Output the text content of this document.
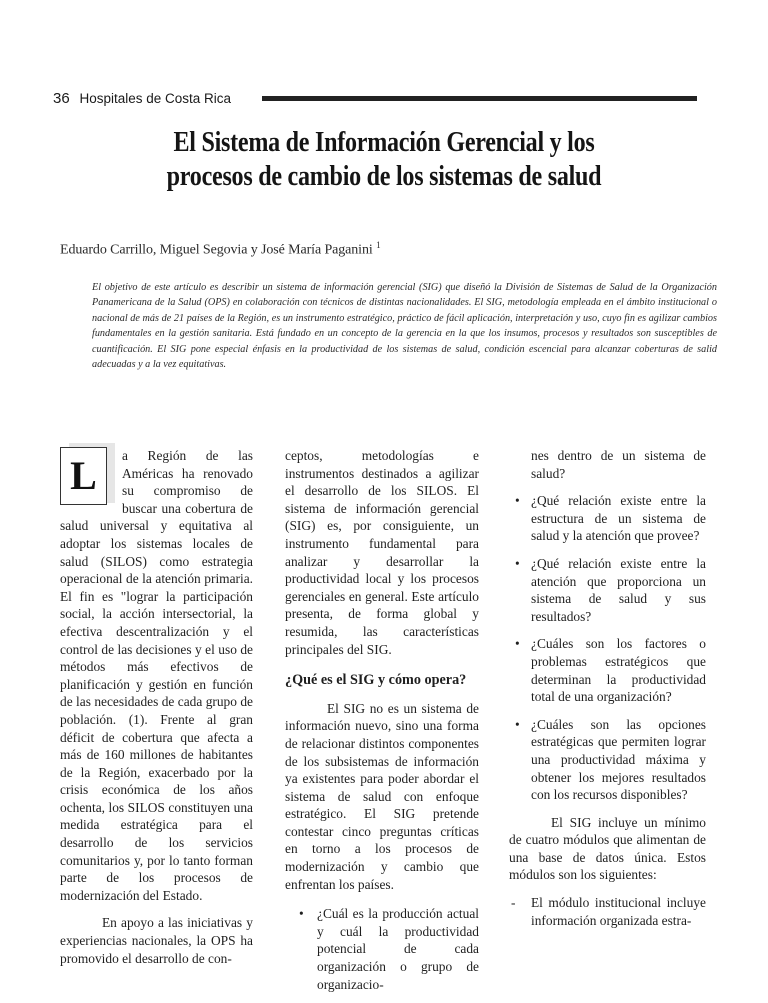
36 Hospitales de Costa Rica
El Sistema de Información Gerencial y los
procesos de cambio de los sistemas de salud
Eduardo Carrillo, Miguel Segovia y José María Paganini $^1$
El objetivo de este artículo es describir un sistema de información gerencial (SIG) que diseñó la División de Sistemas de Salud de la Organización Panamericana de la Salud (OPS) en colaboración con técnicos de distintas nacionalidades. El SIG, metodología empleada en el ámbito institucional o nacional de más de 21 países de la Región, es un instrumento estratégico, práctico de fácil aplicación, interpretación y uso, cuyo fin es agilizar cambios fundamentales en la gestión sanitaria. Está fundado en un concepto de la gerencia en la que los insumos, procesos y resultados son susceptibles de cuantificación. El SIG pone especial énfasis en la productividad de los sistemas de salud, condición escencial para alcanzar coberturas de salid adecuadas y a la vez equitativas.
L	a Región de las Américas ha renovado su compromiso de buscar una cobertura de salud universal y equitativa al adoptar los sistemas locales de salud (SILOS) como estrategia operacional de la atención primaria. El fin es "lograr la participación social, la acción intersectorial, la efectiva descentralización y el control de las decisiones y el uso de métodos más efectivos de planificación y gestión en función de las necesidades de cada grupo de población. (1). Frente al gran déficit de cobertura que afecta a más de 160 millones de habitantes de la Región, exacerbado por la crisis económica de los años ochenta, los SILOS constituyen una medida estratégica para el desarrollo de los servicios comunitarios y, por lo tanto forman parte de los procesos de modernización del Estado.

En apoyo a las iniciativas y experiencias nacionales, la OPS ha promovido el desarrollo de con-

ceptos, metodologías e instrumentos destinados a agilizar el desarrollo de los SILOS. El sistema de información gerencial (SIG) es, por consiguiente, un instrumento fundamental para analizar y desarrollar la productividad local y los procesos gerenciales en general. Este artículo presenta, de forma global y resumida, las características principales del SIG.

¿Qué es el SIG y cómo opera?

El SIG no es un sistema de información nuevo, sino una forma de relacionar distintos componentes de los subsistemas de información ya existentes para poder abordar el sistema de salud con enfoque estratégico. El SIG pretende contestar cinco preguntas críticas en torno a los procesos de modernización y cambio que enfrentan los países.

• ¿Cuál es la producción actual y cuál la productividad potencial de cada organización o grupo de organizacio-

nes dentro de un sistema de salud?

• ¿Qué relación existe entre la estructura de un sistema de salud y la atención que provee?
• ¿Qué relación existe entre la atención que proporciona un sistema de salud y sus resultados?
• ¿Cuáles son los factores o problemas estratégicos que determinan la productividad total de una organización?
• ¿Cuáles son las opciones estratégicas que permiten lograr una productividad máxima y obtener los mejores resultados con los recursos disponibles?

El SIG incluye un mínimo de cuatro módulos que alimentan de una base de datos única. Estos módulos son los siguientes:

- El módulo institucional incluye información organizada estra-
